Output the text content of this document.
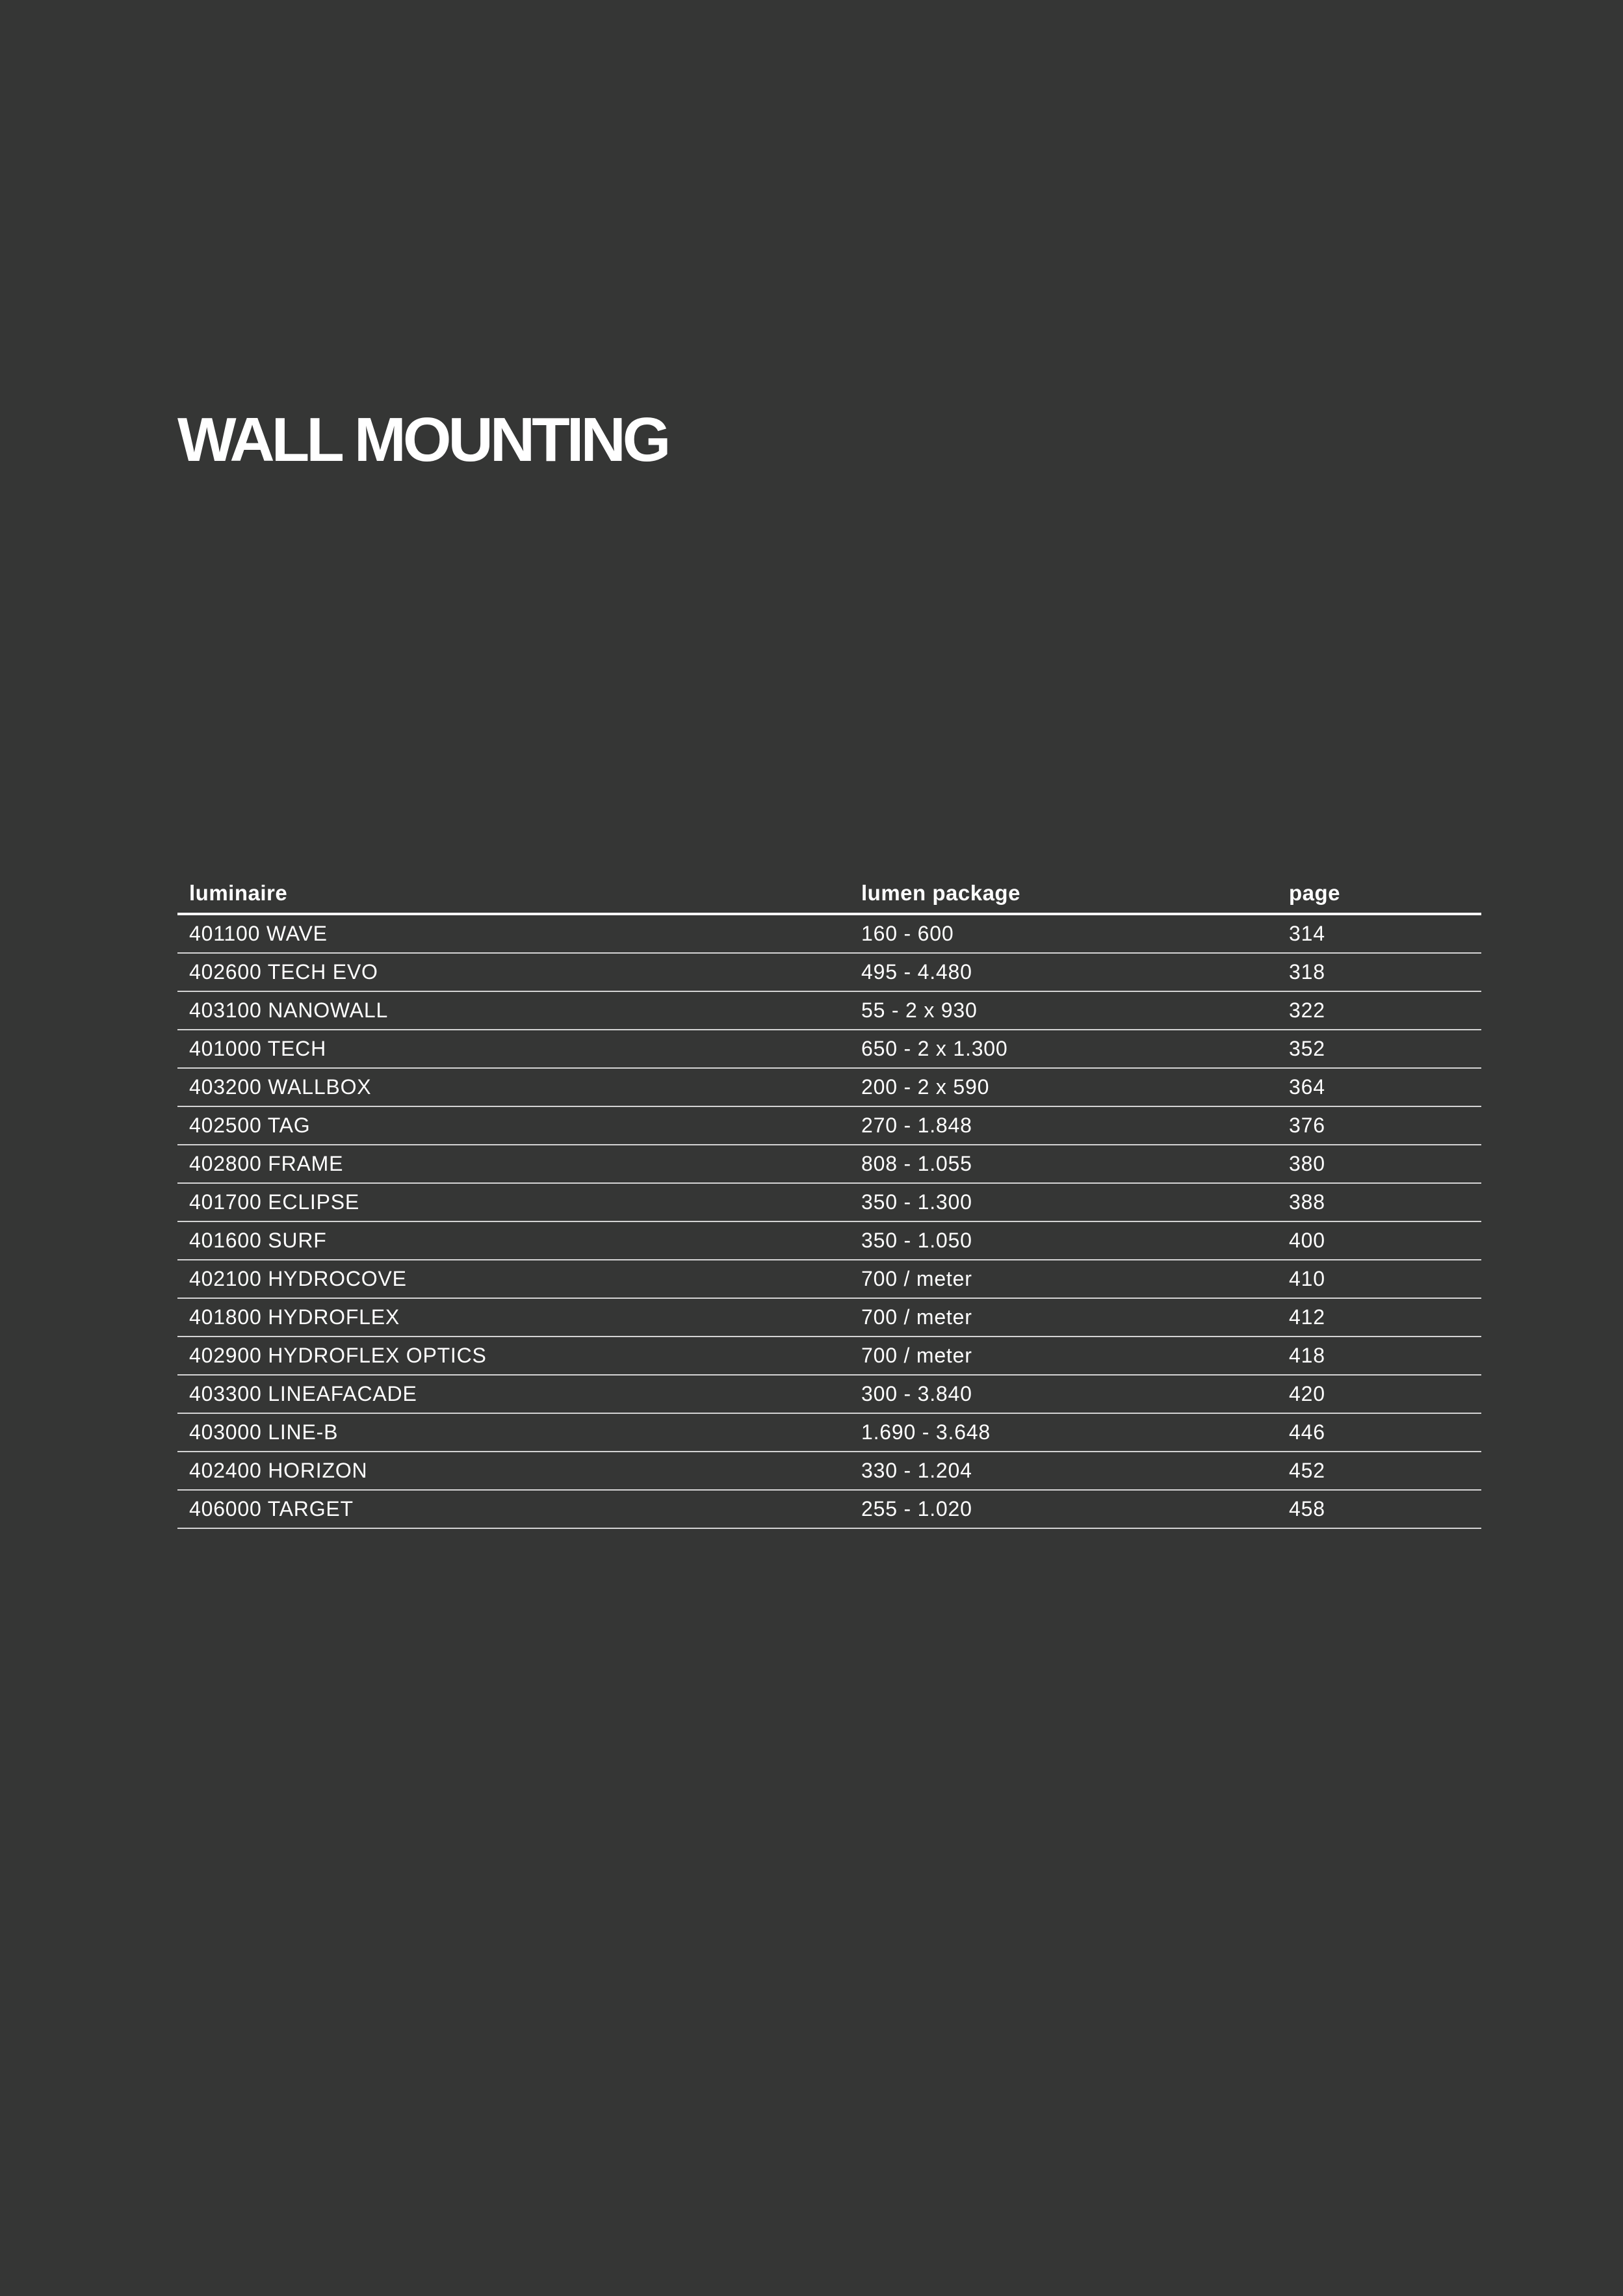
WALL MOUNTING
luminaire	lumen package	page
401100 WAVE	160 - 600	314
402600 TECH EVO	495 - 4.480	318
403100 NANOWALL	55 - 2 x 930	322
401000 TECH	650 - 2 x 1.300	352
403200 WALLBOX	200 - 2 x 590	364
402500 TAG	270 - 1.848	376
402800 FRAME	808 - 1.055	380
401700 ECLIPSE	350 - 1.300	388
401600 SURF	350 - 1.050	400
402100 HYDROCOVE	700 / meter	410
401800 HYDROFLEX	700 / meter	412
402900 HYDROFLEX OPTICS	700 / meter	418
403300 LINEAFACADE	300 - 3.840	420
403000 LINE-B	1.690 - 3.648	446
402400 HORIZON	330 - 1.204	452
406000 TARGET	255 - 1.020	458
